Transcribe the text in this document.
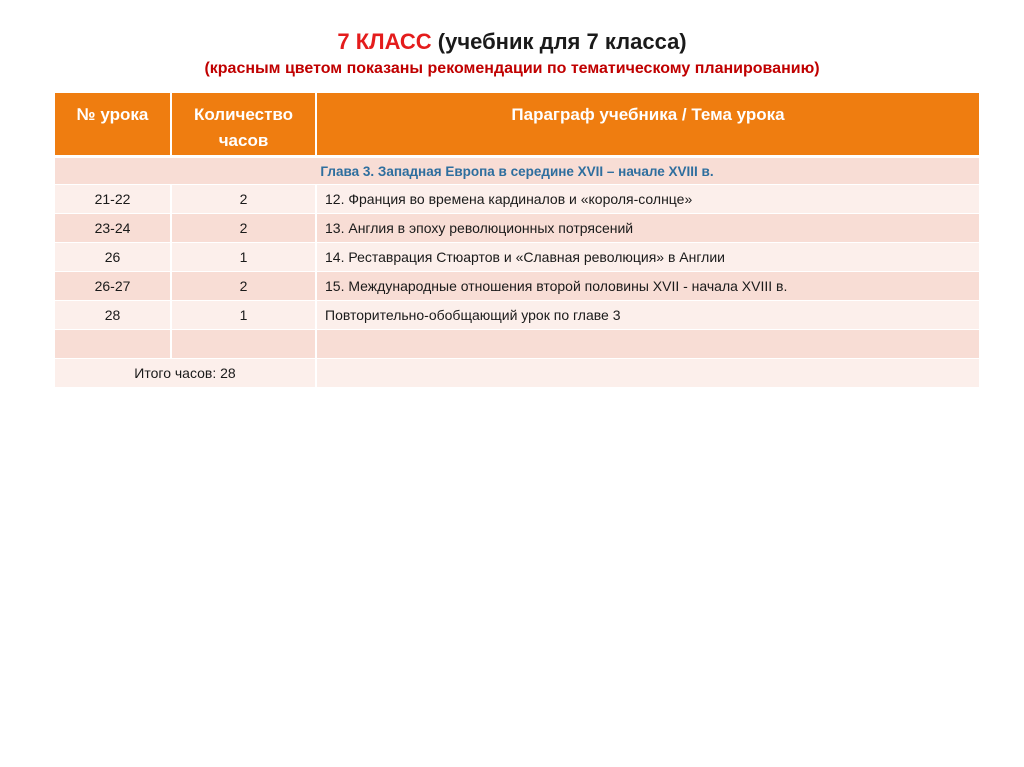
7 КЛАСС (учебник для 7 класса)
(красным цветом показаны рекомендации по тематическому планированию)
№ урока	Количество часов	Параграф учебника / Тема урока
Глава 3. Западная Европа в середине XVII – начале XVIII в.		
21-22	2	12. Франция во времена кардиналов и «короля-солнце»
23-24	2	13. Англия в эпоху революционных потрясений
26	1	14. Реставрация Стюартов и «Славная революция» в Англии
26-27	2	15. Международные отношения второй половины XVII - начала XVIII в.
28	1	Повторительно-обобщающий урок по главе 3

Итого часов: 28		
